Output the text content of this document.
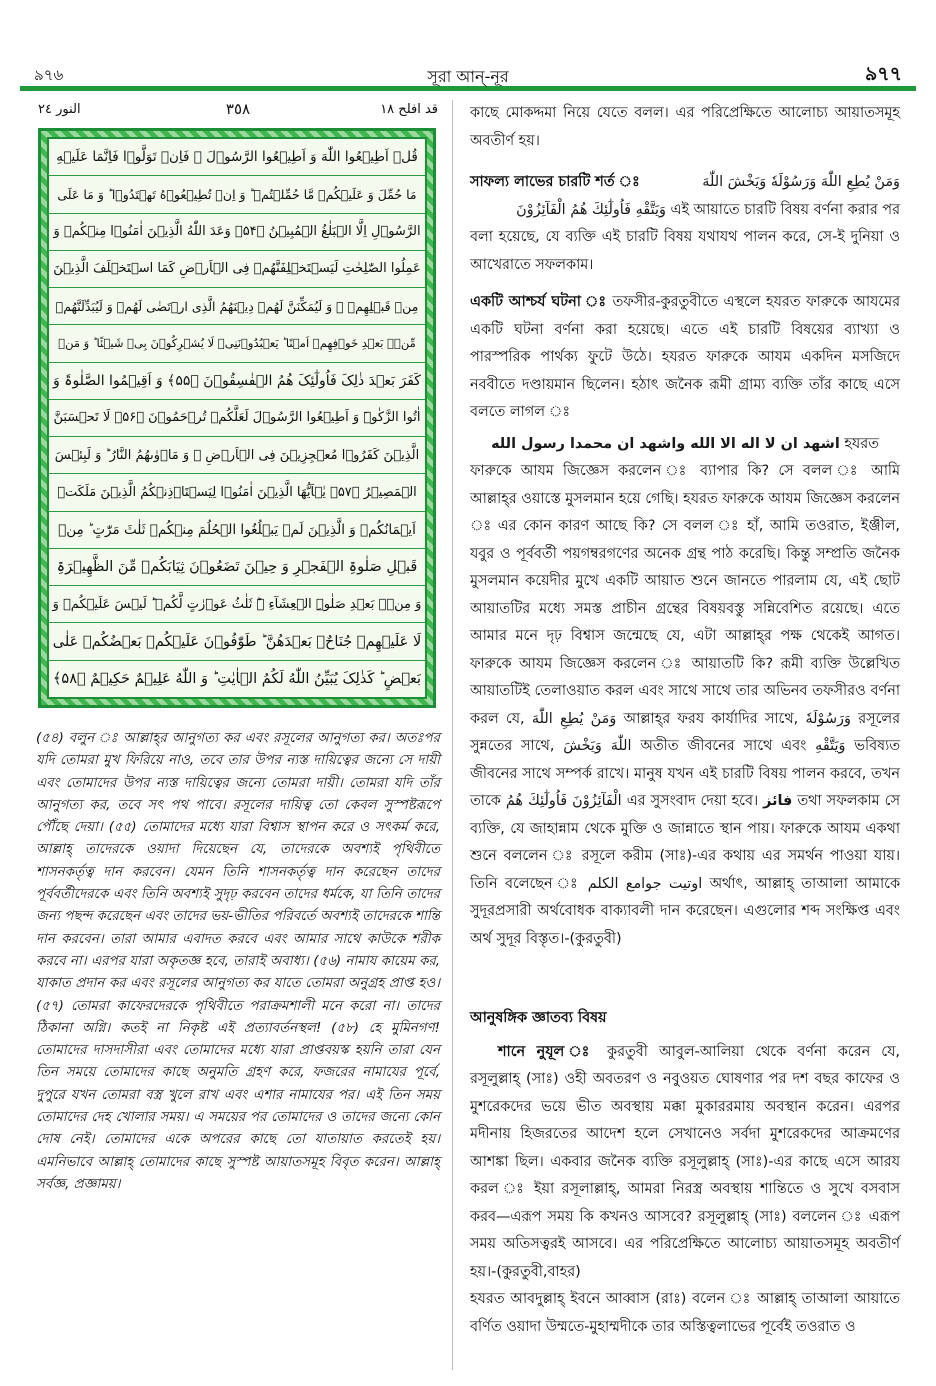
৯৭৬	সূরা আন্‌-নূর	৯৭৭
النور ٢٤	٣٥٨	قد افلح ١٨
قُلۡ اَطِیۡعُوا اللّٰهَ وَ اَطِیۡعُوا الرَّسُوۡلَ ۚ فَاِنۡ تَوَلَّوۡا فَاِنَّمَا عَلَیۡهِ
مَا حُمِّلَ وَ عَلَیۡکُمۡ مَّا حُمِّلۡتُمۡ ؕ وَ اِنۡ تُطِیۡعُوۡهُ تَهۡتَدُوۡا ؕ وَ مَا عَلَی
الرَّسُوۡلِ اِلَّا الۡبَلٰغُ الۡمُبِیۡنُ ﴿۵۴﴾ وَعَدَ اللّٰهُ الَّذِیۡنَ اٰمَنُوۡا مِنۡکُمۡ وَ
عَمِلُوا الصّٰلِحٰتِ لَیَسۡتَخۡلِفَنَّهُمۡ فِی الۡاَرۡضِ کَمَا اسۡتَخۡلَفَ الَّذِیۡنَ
مِنۡ قَبۡلِهِمۡ ۪ وَ لَیُمَکِّنَنَّ لَهُمۡ دِیۡنَهُمُ الَّذِی ارۡتَضٰی لَهُمۡ وَ لَیُبَدِّلَنَّهُمۡ
مِّنۡۢ بَعۡدِ خَوۡفِهِمۡ اَمۡنًا ؕ یَعۡبُدُوۡنَنِیۡ لَا یُشۡرِکُوۡنَ بِیۡ شَیۡئًا ؕ وَ مَنۡ
کَفَرَ بَعۡدَ ذٰلِکَ فَاُولٰٓئِکَ هُمُ الۡفٰسِقُوۡنَ ﴿۵۵﴾ وَ اَقِیۡمُوا الصَّلٰوۃَ وَ
اٰتُوا الزَّکٰوۃَ وَ اَطِیۡعُوا الرَّسُوۡلَ لَعَلَّکُمۡ تُرۡحَمُوۡنَ ﴿۵۶﴾ لَا تَحۡسَبَنَّ
الَّذِیۡنَ کَفَرُوۡا مُعۡجِزِیۡنَ فِی الۡاَرۡضِ ۚ وَ مَاۡوٰىهُمُ النَّارُ ؕ وَ لَبِئۡسَ
الۡمَصِیۡرُ ﴿۵۷﴾ یٰۤاَیُّهَا الَّذِیۡنَ اٰمَنُوۡا لِیَسۡتَاۡذِنۡکُمُ الَّذِیۡنَ مَلَکَتۡ
اَیۡمَانُکُمۡ وَ الَّذِیۡنَ لَمۡ یَبۡلُغُوا الۡحُلُمَ مِنۡکُمۡ ثَلٰثَ مَرّٰتٍ ؕ مِنۡ
قَبۡلِ صَلٰوۃِ الۡفَجۡرِ وَ حِیۡنَ تَضَعُوۡنَ ثِیَابَکُمۡ مِّنَ الظَّهِیۡرَۃِ
وَ مِنۡۢ بَعۡدِ صَلٰوۃِ الۡعِشَآءِ ۟ؕ ثَلٰثُ عَوۡرٰتٍ لَّکُمۡ ؕ لَیۡسَ عَلَیۡکُمۡ وَ
لَا عَلَیۡهِمۡ جُنَاحٌۢ بَعۡدَهُنَّ ؕ طَوّٰفُوۡنَ عَلَیۡکُمۡ بَعۡضُکُمۡ عَلٰی
بَعۡضٍ ؕ کَذٰلِکَ یُبَیِّنُ اللّٰهُ لَکُمُ الۡاٰیٰتِ ؕ وَ اللّٰهُ عَلِیۡمٌ حَکِیۡمٌ ﴿۵۸﴾

(৫৪) বলুন ঃ আল্লাহ্‌র আনুগত্য কর এবং রসূলের আনুগত্য কর। অতঃপর যদি তোমরা মুখ ফিরিয়ে নাও, তবে তার উপর ন্যস্ত দায়িত্বের জন্যে সে দায়ী এবং তোমাদের উপর ন্যস্ত দায়িত্বের জন্যে তোমরা দায়ী। তোমরা যদি তাঁর আনুগত্য কর, তবে সৎ পথ পাবে। রসূলের দায়িত্ব তো কেবল সুস্পষ্টরূপে পৌঁছে দেয়া। (৫৫) তোমাদের মধ্যে যারা বিশ্বাস স্থাপন করে ও সৎকর্ম করে, আল্লাহ্‌ তাদেরকে ওয়াদা দিয়েছেন যে, তাদেরকে অবশ্যই পৃথিবীতে শাসনকর্তৃত্ব দান করবেন। যেমন তিনি শাসনকর্তৃত্ব দান করেছেন তাদের পূর্ববর্তীদেরকে এবং তিনি অবশ্যই সুদৃঢ় করবেন তাদের ধর্মকে, যা তিনি তাদের জন্য পছন্দ করেছেন এবং তাদের ভয়-ভীতির পরিবর্তে অবশ্যই তাদেরকে শান্তি দান করবেন। তারা আমার এবাদত করবে এবং আমার সাথে কাউকে শরীক করবে না। এরপর যারা অকৃতজ্ঞ হবে, তারাই অবাধ্য। (৫৬) নামায কায়েম কর, যাকাত প্রদান কর এবং রসূলের আনুগত্য কর যাতে তোমরা অনুগ্রহ প্রাপ্ত হও। (৫৭) তোমরা কাফেরদেরকে পৃথিবীতে পরাক্রমশালী মনে করো না। তাদের ঠিকানা অগ্নি। কতই না নিকৃষ্ট এই প্রত্যাবর্তনস্থল! (৫৮) হে মুমিনগণ! তোমাদের দাসদাসীরা এবং তোমাদের মধ্যে যারা প্রাপ্তবয়স্ক হয়নি তারা যেন তিন সময়ে তোমাদের কাছে অনুমতি গ্রহণ করে, ফজরের নামাযের পূর্বে, দুপুরে যখন তোমরা বস্ত্র খুলে রাখ এবং এশার নামাযের পর। এই তিন সময় তোমাদের দেহ খোলার সময়। এ সময়ের পর তোমাদের ও তাদের জন্যে কোন দোষ নেই। তোমাদের একে অপরের কাছে তো যাতায়াত করতেই হয়। এমনিভাবে আল্লাহ্‌ তোমাদের কাছে সুস্পষ্ট আয়াতসমূহ বিবৃত করেন। আল্লাহ্‌ সর্বজ্ঞ, প্রজ্ঞাময়।

কাছে মোকদ্দমা নিয়ে যেতে বলল। এর পরিপ্রেক্ষিতে আলোচ্য আয়াতসমূহ অবতীর্ণ হয়।

সাফল্য লাভের চারটি শর্ত ঃ	وَمَنْ يُطِعِ اللّٰهَ وَرَسُوْلَهٗ وَيَخْشَ اللّٰهَ

وَيَتَّقْهِ فَاُولٰٓئِكَ هُمُ الْفَآئِزُوْنَ এই আয়াতে চারটি বিষয় বর্ণনা করার পর

বলা হয়েছে, যে ব্যক্তি এই চারটি বিষয় যথাযথ পালন করে, সে-ই দুনিয়া ও আখেরাতে সফলকাম।

একটি আশ্চর্য ঘটনা ঃ তফসীর-কুরতুবীতে এস্থলে হযরত ফারুকে আযমের একটি ঘটনা বর্ণনা করা হয়েছে। এতে এই চারটি বিষয়ের ব্যাখ্যা ও পারস্পরিক পার্থক্য ফুটে উঠে। হযরত ফারুকে আযম একদিন মসজিদে নববীতে দণ্ডায়মান ছিলেন। হঠাৎ জনৈক রূমী গ্রাম্য ব্যক্তি তাঁর কাছে এসে বলতে লাগল ঃ

اشهد ان لا اله الا الله واشهد ان محمدا رسول الله হযরত

ফারুকে আযম জিজ্ঞেস করলেন ঃ ব্যাপার কি? সে বলল ঃ আমি আল্লাহ্‌র ওয়াস্তে মুসলমান হয়ে গেছি। হযরত ফারুকে আযম জিজ্ঞেস করলেন ঃ এর কোন কারণ আছে কি? সে বলল ঃ হাঁ, আমি তওরাত, ইঞ্জীল, যবুর ও পূর্ববর্তী পয়গম্বরগণের অনেক গ্রন্থ পাঠ করেছি। কিন্তু সম্প্রতি জনৈক মুসলমান কয়েদীর মুখে একটি আয়াত শুনে জানতে পারলাম যে, এই ছোট আয়াতটির মধ্যে সমস্ত প্রাচীন গ্রন্থের বিষয়বস্তু সন্নিবেশিত রয়েছে। এতে আমার মনে দৃঢ় বিশ্বাস জন্মেছে যে, এটা আল্লাহ্‌র পক্ষ থেকেই আগত। ফারুকে আযম জিজ্ঞেস করলেন ঃ আয়াতটি কি? রূমী ব্যক্তি উল্লেখিত আয়াতটিই তেলাওয়াত করল এবং সাথে সাথে তার অভিনব তফসীরও বর্ণনা করল যে, وَمَنْ يُطِعِ اللّٰهَ আল্লাহ্‌র ফরয কার্যাদির সাথে, وَرَسُوْلَهٗ রসূলের সুন্নতের সাথে, وَيَخْشَ اللّٰهَ অতীত জীবনের সাথে এবং وَيَتَّقْهِ ভবিষ্যত জীবনের সাথে সম্পর্ক রাখে। মানুষ যখন এই চারটি বিষয় পালন করবে, তখন তাকে فَاُولٰٓئِكَ هُمُ الْفَآئِزُوْنَ এর সুসংবাদ দেয়া হবে। فائز তথা সফলকাম সে ব্যক্তি, যে জাহান্নাম থেকে মুক্তি ও জান্নাতে স্থান পায়। ফারুকে আযম একথা শুনে বললেন ঃ রসূলে করীম (সাঃ)-এর কথায় এর সমর্থন পাওয়া যায়। তিনি বলেছেন ঃ اوتيت جوامع الكلم অর্থাৎ, আল্লাহ্‌ তাআলা আমাকে সুদূরপ্রসারী অর্থবোধক বাক্যাবলী দান করেছেন। এগুলোর শব্দ সংক্ষিপ্ত এবং অর্থ সুদূর বিস্তৃত।-(কুরতুবী)

আনুষঙ্গিক জ্ঞাতব্য বিষয়

শানে নুযূল ঃ কুরতুবী আবুল-আলিয়া থেকে বর্ণনা করেন যে, রসূলুল্লাহ্‌ (সাঃ) ওহী অবতরণ ও নবুওয়ত ঘোষণার পর দশ বছর কাফের ও মুশরেকদের ভয়ে ভীত অবস্থায় মক্কা মুকাররমায় অবস্থান করেন। এরপর মদীনায় হিজরতের আদেশ হলে সেখানেও সর্বদা মুশরেকদের আক্রমণের আশঙ্কা ছিল। একবার জনৈক ব্যক্তি রসূলুল্লাহ্‌ (সাঃ)-এর কাছে এসে আরয করল ঃ ইয়া রসূলাল্লাহ্‌, আমরা নিরস্ত্র অবস্থায় শান্তিতে ও সুখে বসবাস করব—এরূপ সময় কি কখনও আসবে? রসূলুল্লাহ্‌ (সাঃ) বললেন ঃ এরূপ সময় অতিসত্বরই আসবে। এর পরিপ্রেক্ষিতে আলোচ্য আয়াতসমূহ অবতীর্ণ হয়।-(কুরতুবী,বাহর)

হযরত আবদুল্লাহ্‌ ইবনে আব্বাস (রাঃ) বলেন ঃ আল্লাহ্‌ তাআলা আয়াতে বর্ণিত ওয়াদা উম্মতে-মুহাম্মদীকে তার অস্তিত্বলাভের পূর্বেই তওরাত ও
